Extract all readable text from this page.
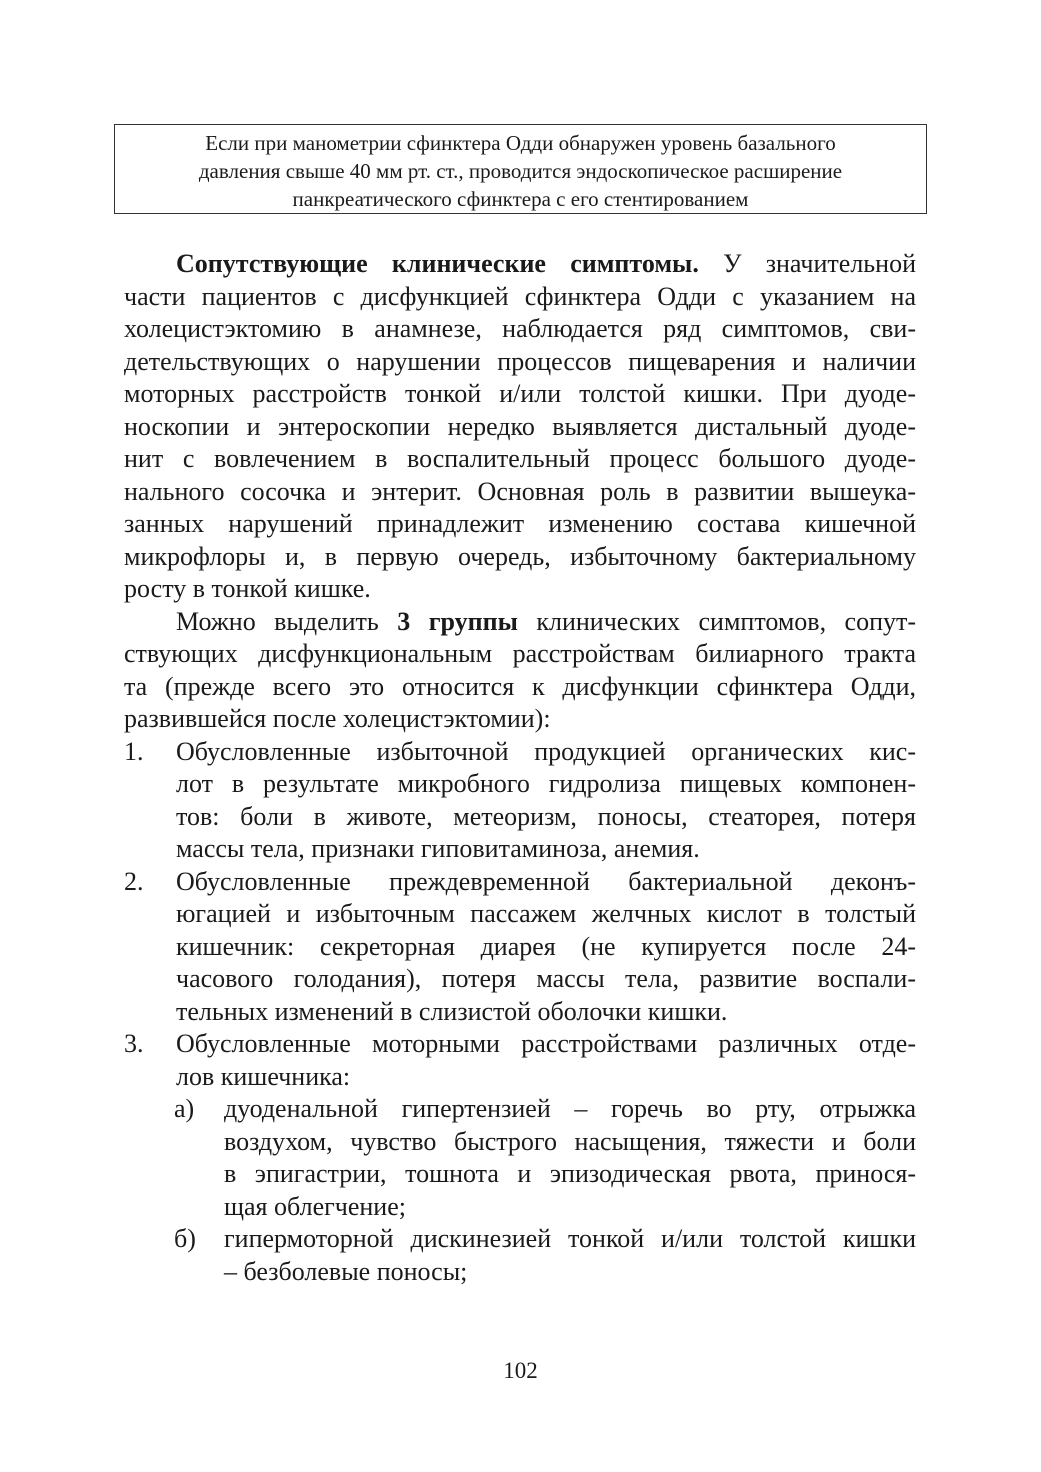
Если при манометрии сфинктера Одди обнаружен уровень базального
давления свыше 40 мм рт. ст., проводится эндоскопическое расширение
панкреатического сфинктера с его стентированием
Сопутствующие клинические симптомы. У значительной
части пациентов с дисфункцией сфинктера Одди с указанием на
холецистэктомию в анамнезе, наблюдается ряд симптомов, сви-
детельствующих о нарушении процессов пищеварения и наличии
моторных расстройств тонкой и/или толстой кишки. При дуоде-
носкопии и энтероскопии нередко выявляется дистальный дуоде-
нит с вовлечением в воспалительный процесс большого дуоде-
нального сосочка и энтерит. Основная роль в развитии вышеука-
занных нарушений принадлежит изменению состава кишечной
микрофлоры и, в первую очередь, избыточному бактериальному
росту в тонкой кишке.
Можно выделить 3 группы клинических симптомов, сопут-
ствующих дисфункциональным расстройствам билиарного тракта
та (прежде всего это относится к дисфункции сфинктера Одди,
развившейся после холецистэктомии):
1. Обусловленные избыточной продукцией органических кис-
лот в результате микробного гидролиза пищевых компонен-
тов: боли в животе, метеоризм, поносы, стеаторея, потеря
массы тела, признаки гиповитаминоза, анемия.
2. Обусловленные преждевременной бактериальной деконъ-
югацией и избыточным пассажем желчных кислот в толстый
кишечник: секреторная диарея (не купируется после 24-
часового голодания), потеря массы тела, развитие воспали-
тельных изменений в слизистой оболочки кишки.
3. Обусловленные моторными расстройствами различных отде-
лов кишечника:
а) дуоденальной гипертензией – горечь во рту, отрыжка
воздухом, чувство быстрого насыщения, тяжести и боли
в эпигастрии, тошнота и эпизодическая рвота, принося-
щая облегчение;
б) гипермоторной дискинезией тонкой и/или толстой кишки
– безболевые поносы;
102
